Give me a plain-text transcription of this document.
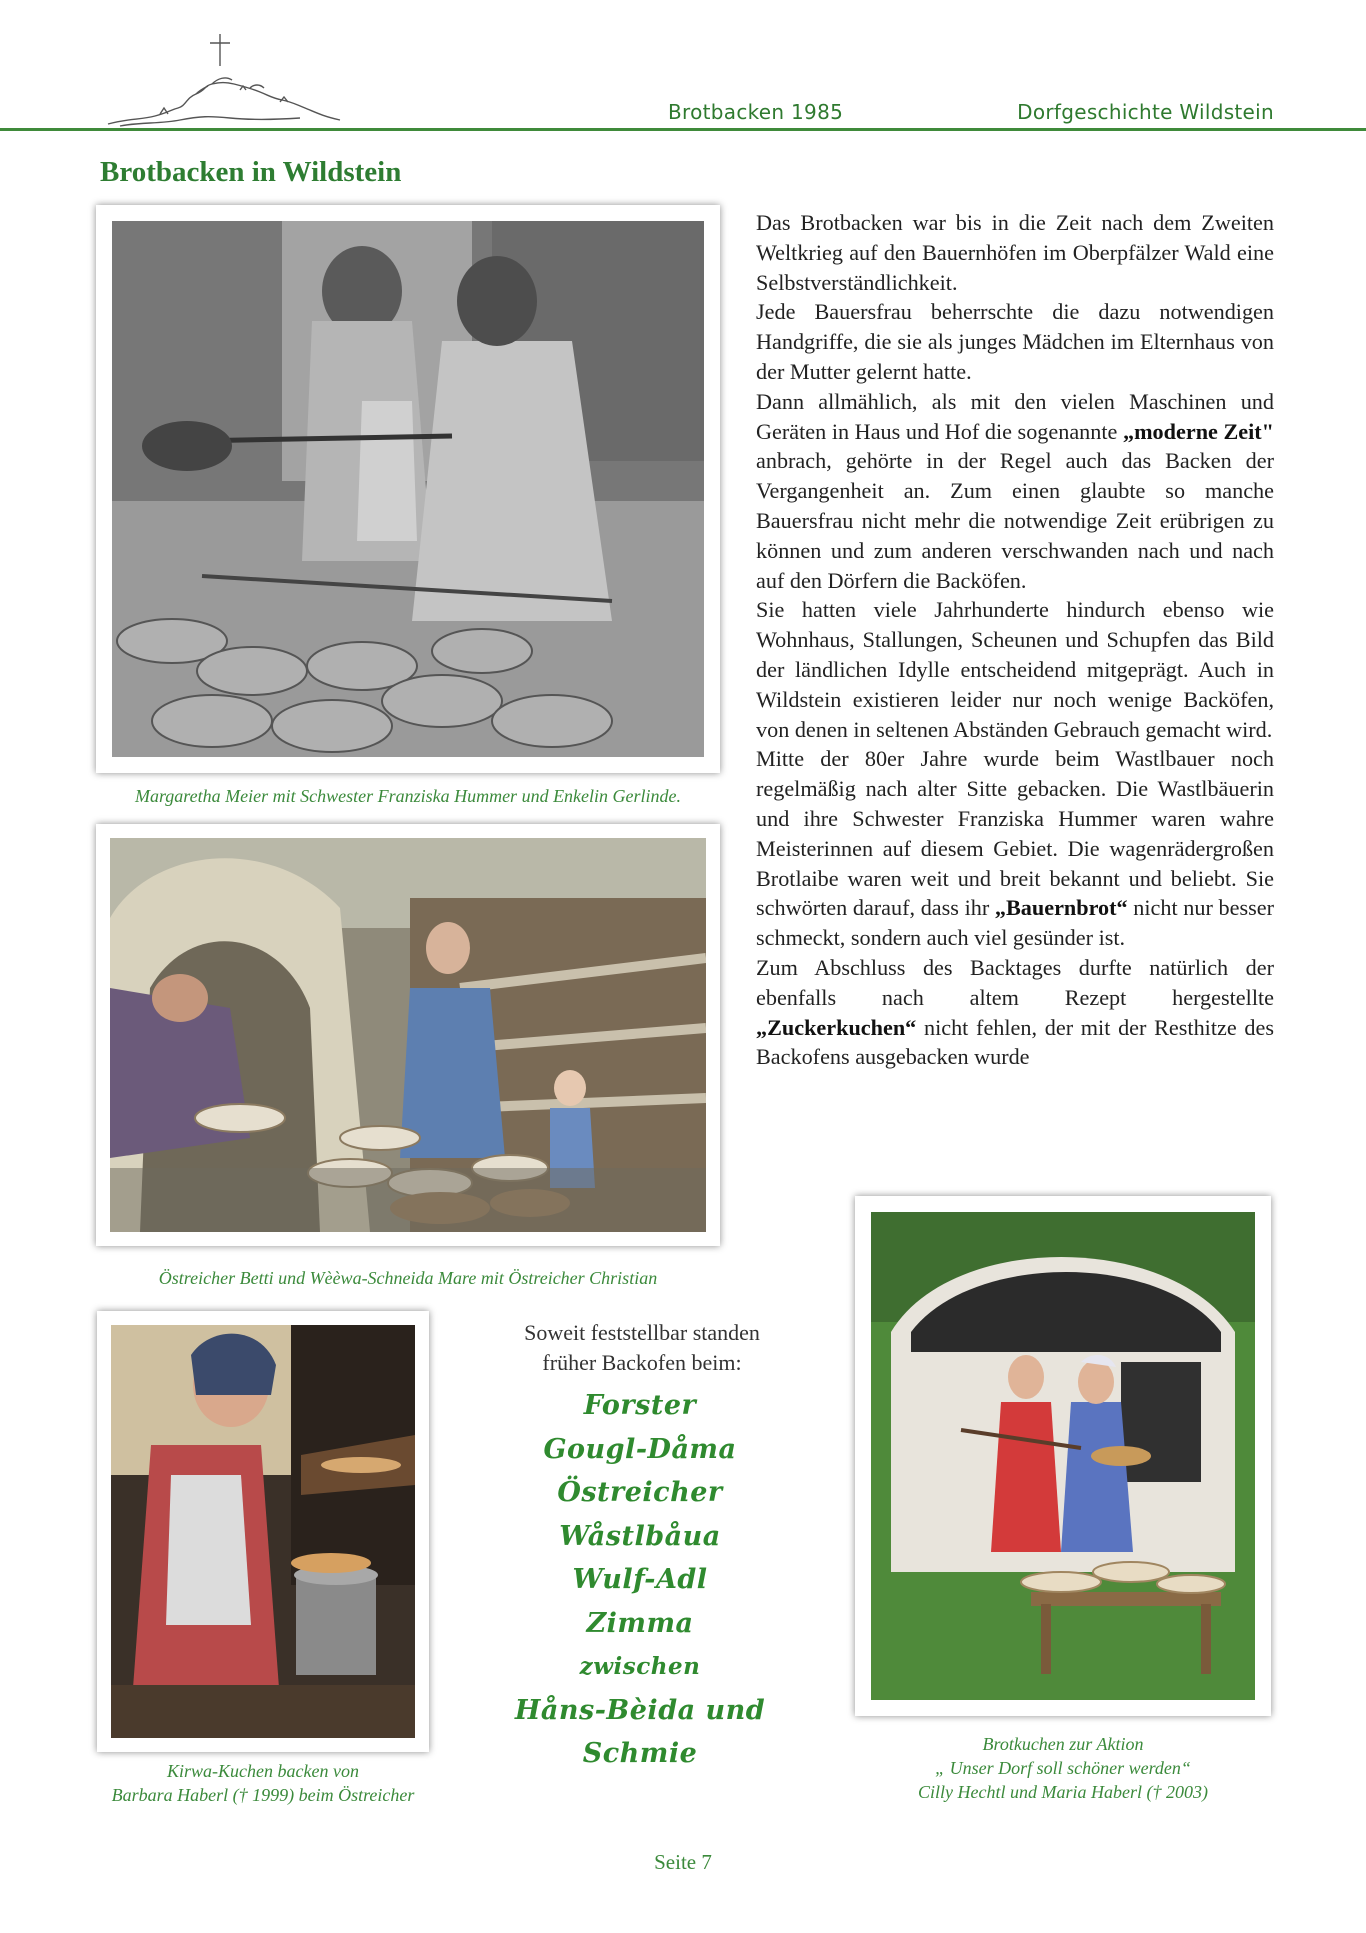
Brotbacken 1985	Dorfgeschichte Wildstein
Brotbacken in Wildstein
Margaretha Meier mit Schwester Franziska Hummer und Enkelin Gerlinde.
Östreicher Betti und Wèèwa-Schneida Mare mit Östreicher Christian
Kirwa-Kuchen backen von
Barbara Haberl († 1999) beim Östreicher
Soweit feststellbar standen
früher Backofen beim:
Forster
Gougl-Dåma
Östreicher
Wåstlbåua
Wulf-Adl
Zimma
zwischen
Håns-Bèida und Schmie	Brotkuchen zur Aktion
„ Unser Dorf soll schöner werden“
Cilly Hechtl und Maria Haberl († 2003)

Das Brotbacken war bis in die Zeit nach dem Zweiten Weltkrieg auf den Bauernhöfen im Oberpfälzer Wald eine Selbstverständlichkeit.

Jede Bauersfrau beherrschte die dazu notwendigen Handgriffe, die sie als junges Mädchen im Elternhaus von der Mutter gelernt hatte.

Dann allmählich, als mit den vielen Maschinen und Geräten in Haus und Hof die sogenannte „moderne Zeit" anbrach, gehörte in der Regel auch das Backen der Vergangenheit an. Zum einen glaubte so manche Bauersfrau nicht mehr die notwendige Zeit erübrigen zu können und zum anderen verschwanden nach und nach auf den Dörfern die Backöfen.

Sie hatten viele Jahrhunderte hindurch ebenso wie Wohnhaus, Stallungen, Scheunen und Schupfen das Bild der ländlichen Idylle entscheidend mitgeprägt. Auch in Wildstein existieren leider nur noch wenige Backöfen, von denen in seltenen Abständen Gebrauch gemacht wird.

Mitte der 80er Jahre wurde beim Wastlbauer noch regelmäßig nach alter Sitte gebacken. Die Wastlbäuerin und ihre Schwester Franziska Hummer waren wahre Meisterinnen auf diesem Gebiet. Die wagenrädergroßen Brotlaibe waren weit und breit bekannt und beliebt. Sie schwörten darauf, dass ihr „Bauernbrot“ nicht nur besser schmeckt, sondern auch viel gesünder ist.

Zum Abschluss des Backtages durfte natürlich der ebenfalls nach altem Rezept hergestellte „Zuckerkuchen“ nicht fehlen, der mit der Resthitze des Backofens ausgebacken wurde

Seite 7
